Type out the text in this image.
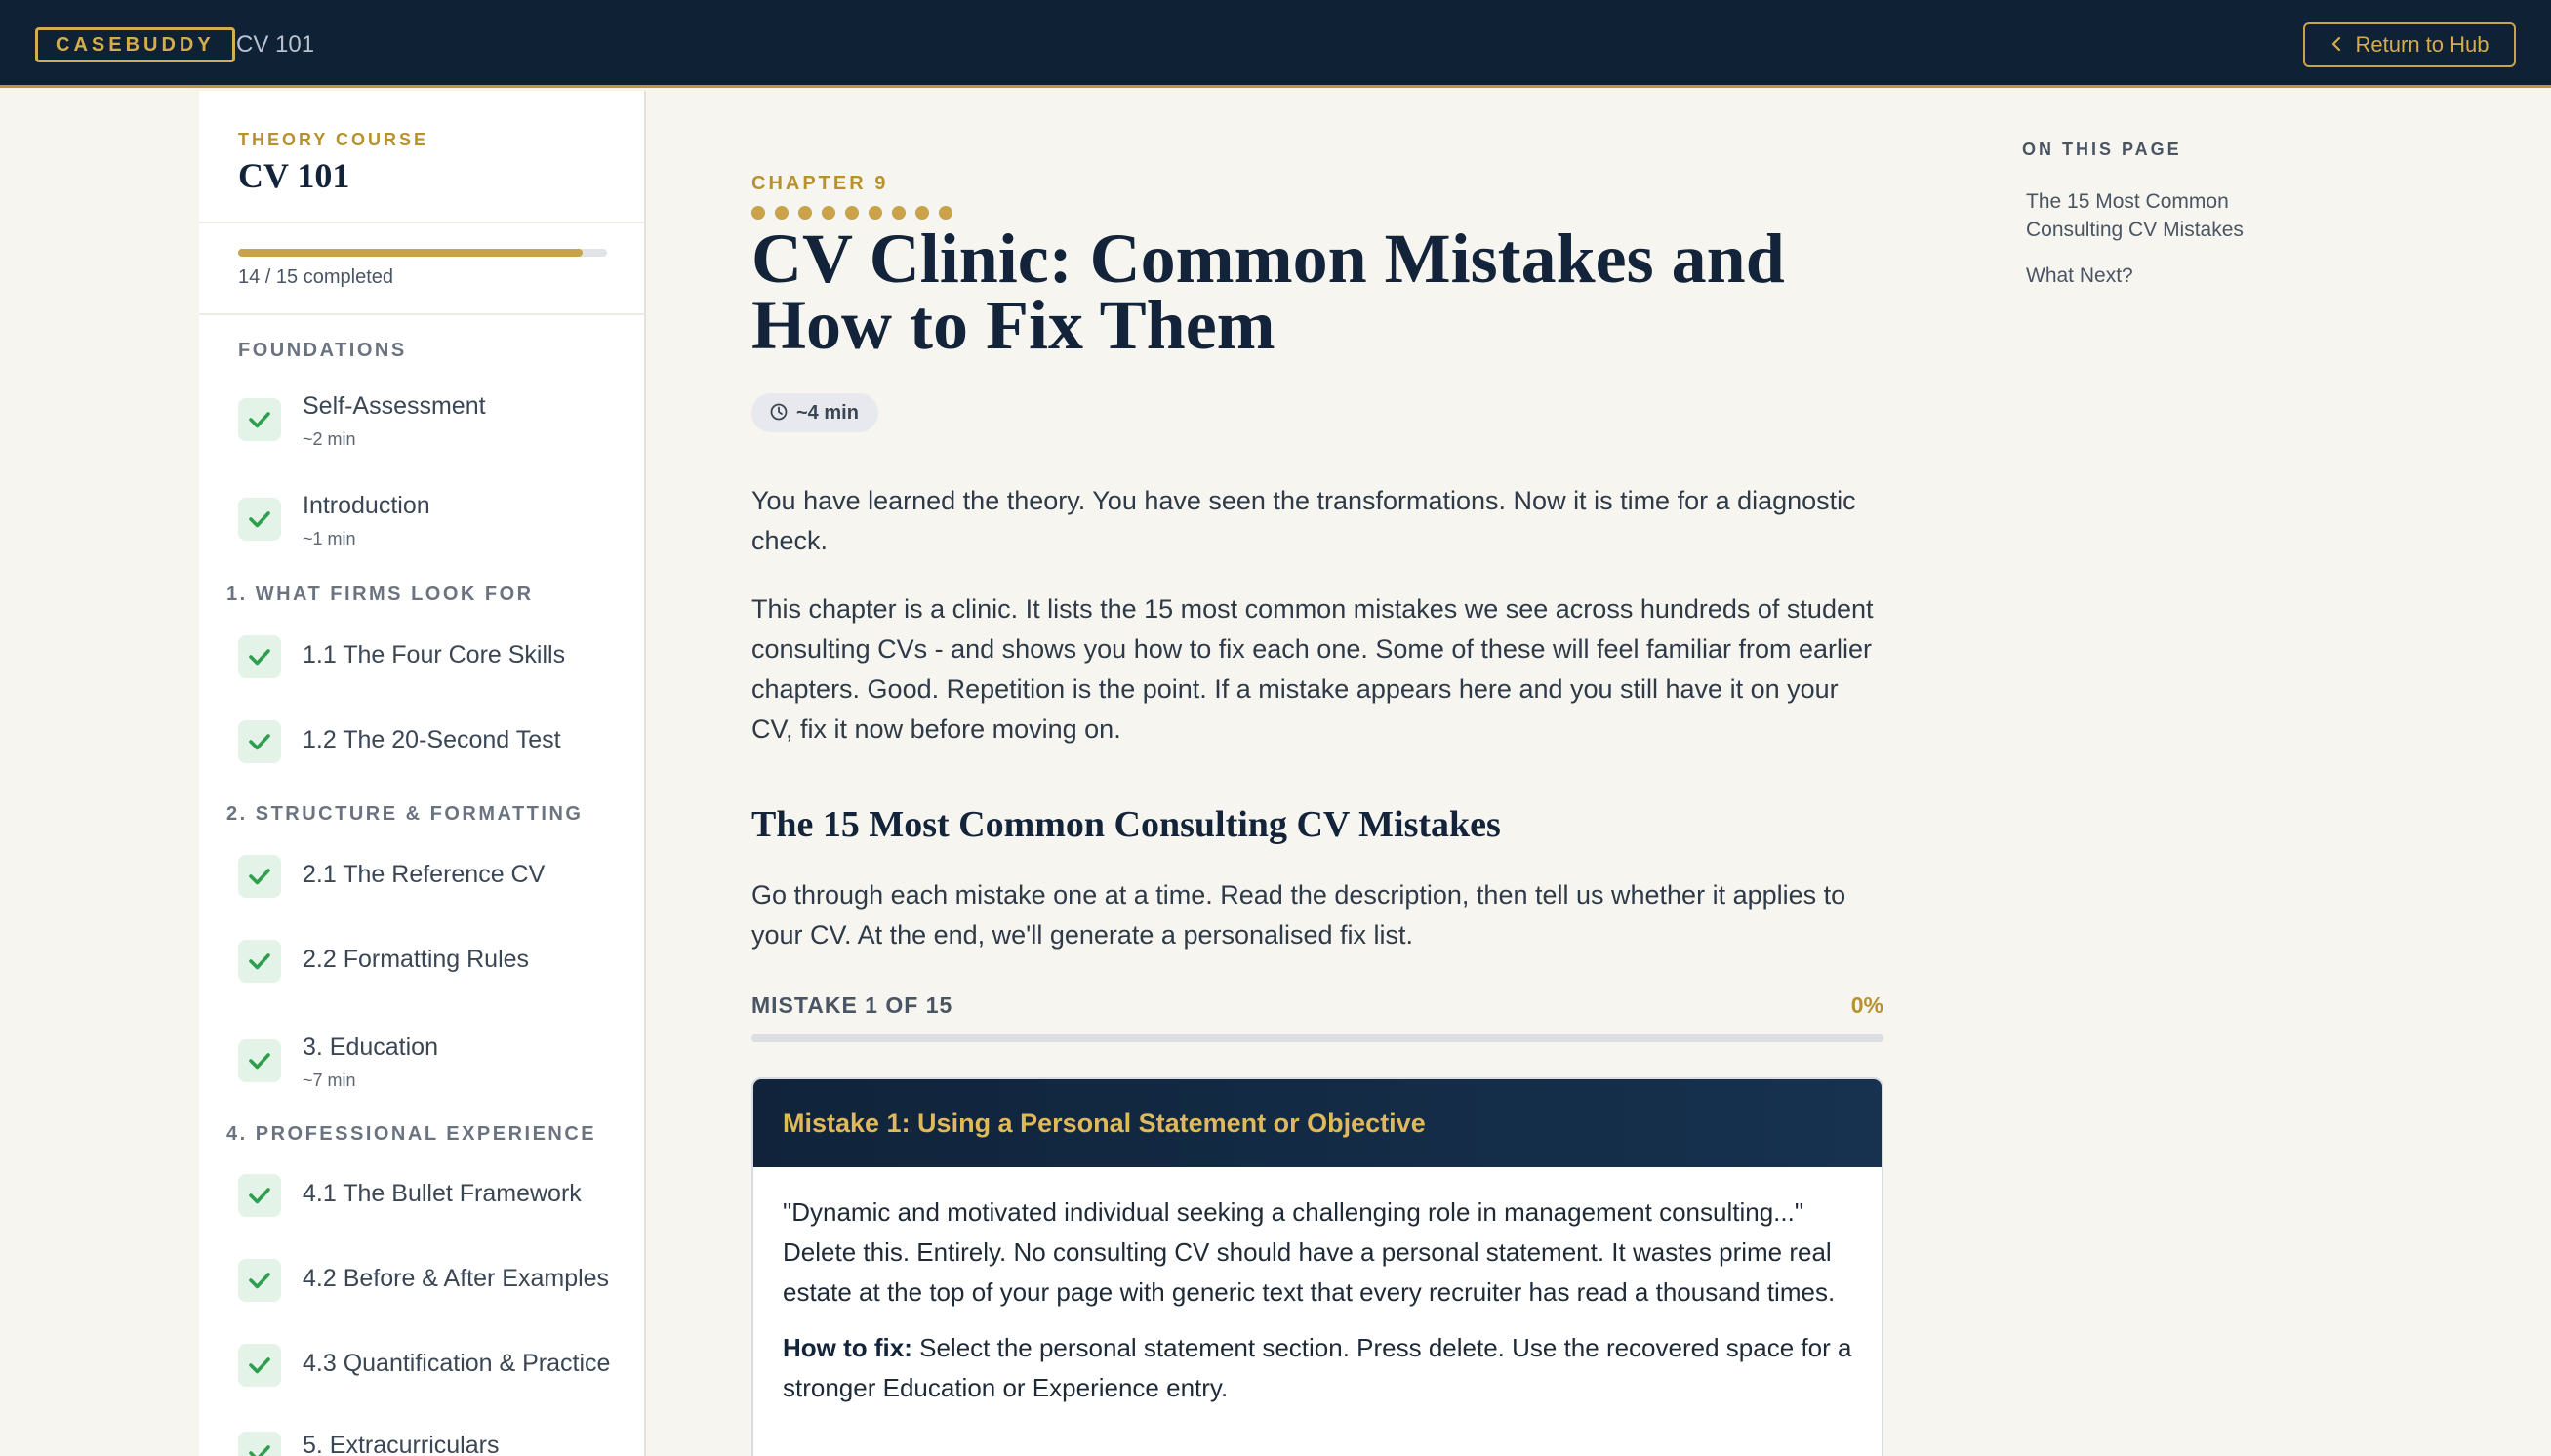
CASEBUDDY CV 101	Return to Hub
THEORY COURSE
CV 101
14 / 15 completed
FOUNDATIONS
Self-Assessment
~2 min
Introduction
~1 min
1. WHAT FIRMS LOOK FOR
1.1 The Four Core Skills
1.2 The 20-Second Test
2. STRUCTURE & FORMATTING
2.1 The Reference CV
2.2 Formatting Rules
3. Education
~7 min
4. PROFESSIONAL EXPERIENCE
4.1 The Bullet Framework
4.2 Before & After Examples
4.3 Quantification & Practice
5. Extracurriculars
CHAPTER 9
CV Clinic: Common Mistakes and How to Fix Them
~4 min

You have learned the theory. You have seen the transformations. Now it is time for a diagnostic check.

This chapter is a clinic. It lists the 15 most common mistakes we see across hundreds of student consulting CVs - and shows you how to fix each one. Some of these will feel familiar from earlier chapters. Good. Repetition is the point. If a mistake appears here and you still have it on your CV, fix it now before moving on.

The 15 Most Common Consulting CV Mistakes

Go through each mistake one at a time. Read the description, then tell us whether it applies to your CV. At the end, we'll generate a personalised fix list.

MISTAKE 1 OF 15	0%
Mistake 1: Using a Personal Statement or Objective

"Dynamic and motivated individual seeking a challenging role in management consulting..." Delete this. Entirely. No consulting CV should have a personal statement. It wastes prime real estate at the top of your page with generic text that every recruiter has read a thousand times.

How to fix: Select the personal statement section. Press delete. Use the recovered space for a stronger Education or Experience entry.

ON THIS PAGE
The 15 Most Common Consulting CV Mistakes
What Next?
